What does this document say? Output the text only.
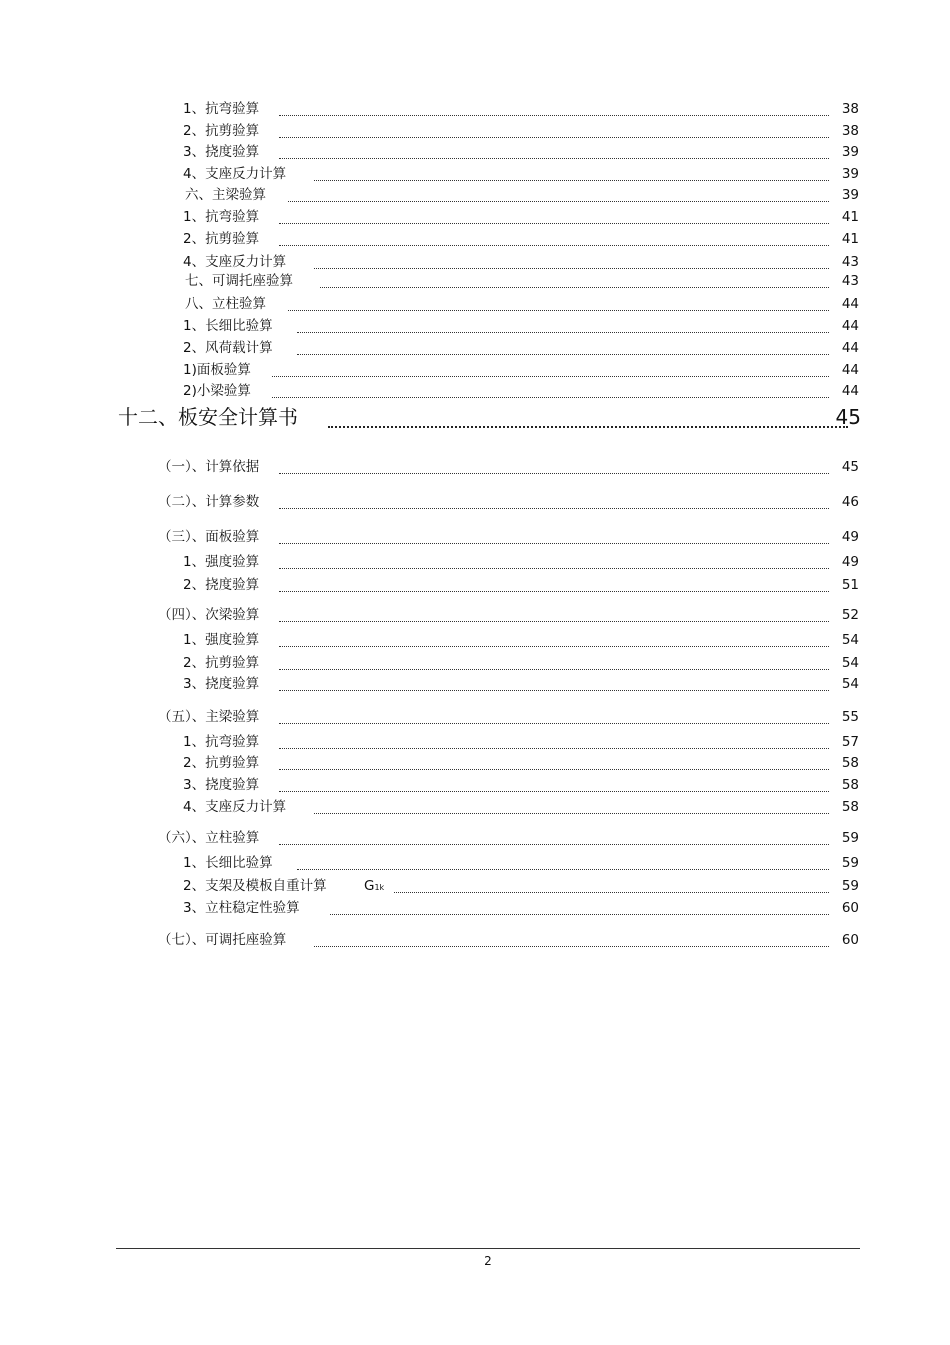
1、抗弯验算	38
2、抗剪验算	38
3、挠度验算	39
4、支座反力计算	39
六、主梁验算	39
1、抗弯验算	41
2、抗剪验算	41
4、支座反力计算	43
七、可调托座验算	43
八、立柱验算	44
1、长细比验算	44
2、风荷载计算	44
1)面板验算	44
2)小梁验算	44
十二、板安全计算书	45
（一）、计算依据	45
（二）、计算参数	46
（三）、面板验算	49
1、强度验算	49
2、挠度验算	51
（四）、次梁验算	52
1、强度验算	54
2、抗剪验算	54
3、挠度验算	54
（五）、主梁验算	55
1、抗弯验算	57
2、抗剪验算	58
3、挠度验算	58
4、支座反力计算	58
（六）、立柱验算	59
1、长细比验算	59
2、支架及模板自重计算	G1k	59
3、立柱稳定性验算	60
（七）、可调托座验算	60
2
